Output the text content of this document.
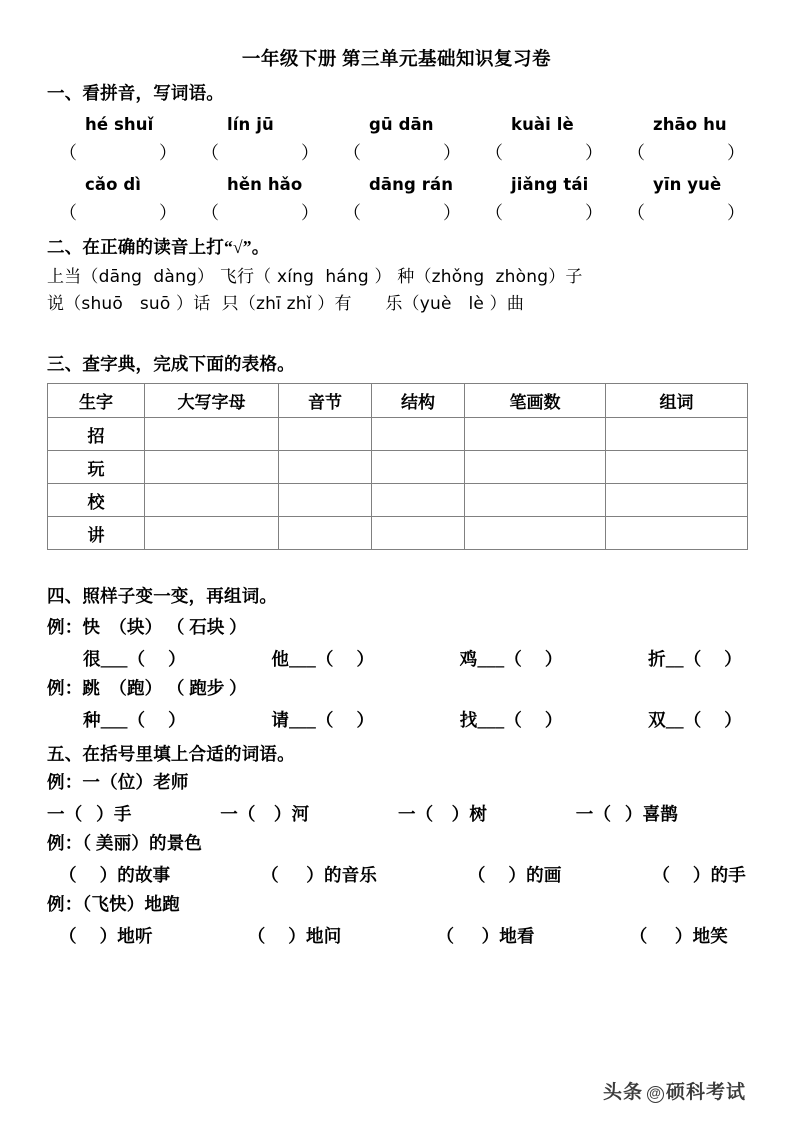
一年级下册 第三单元基础知识复习卷
一、看拼音，写词语。
hé shuǐ	lín jū	gū dān	kuài lè	zhāo hu
（	）	（	）	（	）	（	）	（	）
cǎo dì	hěn hǎo	dāng rán	jiǎng tái	yīn yuè
（	）	（	）	（	）	（	）	（	）
二、在正确的读音上打“√”。
上当（dāng  dàng） 飞行（ xíng  háng ） 种（zhǒng  zhòng）子
说（shuō   suō ）话  只（zhī zhǐ ）有      乐（yuè   lè ）曲
三、查字典，完成下面的表格。
生字	大写字母	音节	结构	笔画数	组词
招					
玩					
校					
讲					
四、照样子变一变，再组词。
例：快  （块） （ 石块 ）
很___（     ）	他___（     ）	鸡___（     ）	折__（     ）
例：跳  （跑） （ 跑步 ）
种___（     ）	请___（     ）	找___（     ）	双__（     ）
五、在括号里填上合适的词语。
例：一（位）老师
一（   ）手	一（    ）河	一（    ）树	一（   ）喜鹊
例：（ 美丽）的景色
（     ）的故事	（      ）的音乐	（     ）的画	（     ）的手
例：（飞快）地跑
（     ）地听	（     ）地问	（      ）地看	（      ）地笑
头条 @ 硕科考试
